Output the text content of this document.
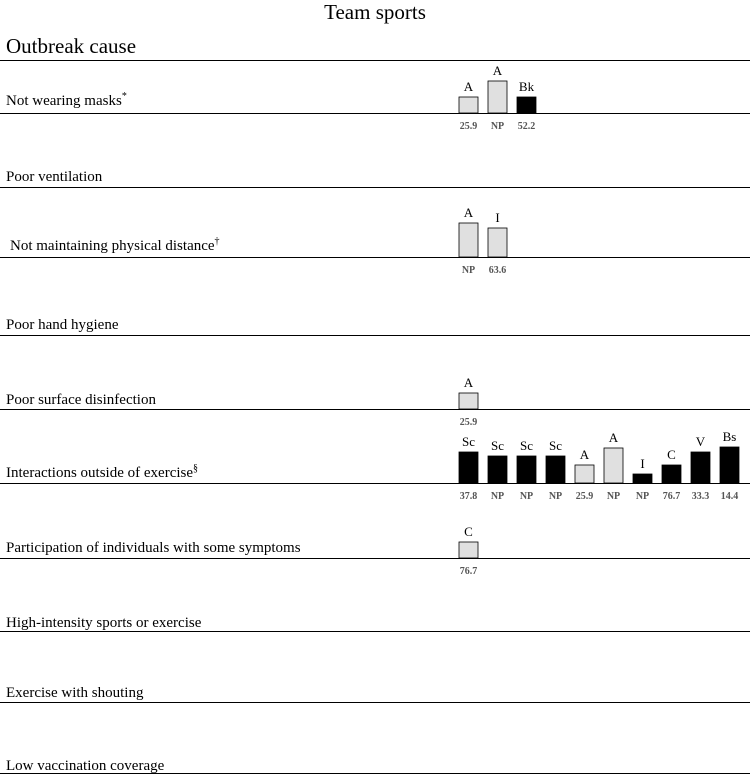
Team sports
Outbreak cause
Not wearing masks*
Poor ventilation
Not maintaining physical distance†
Poor hand hygiene
Poor surface disinfection
Interactions outside of exercise§
Participation of individuals with some symptoms
High-intensity sports or exercise
Exercise with shouting
Low vaccination coverage
A
25.9
A
NP
Bk
52.2
A
NP
I
63.6
A
25.9
Sc
37.8
Sc
NP
Sc
NP
Sc
NP
A
25.9
A
NP
I
NP
C
76.7
V
33.3
Bs
14.4
C
76.7
